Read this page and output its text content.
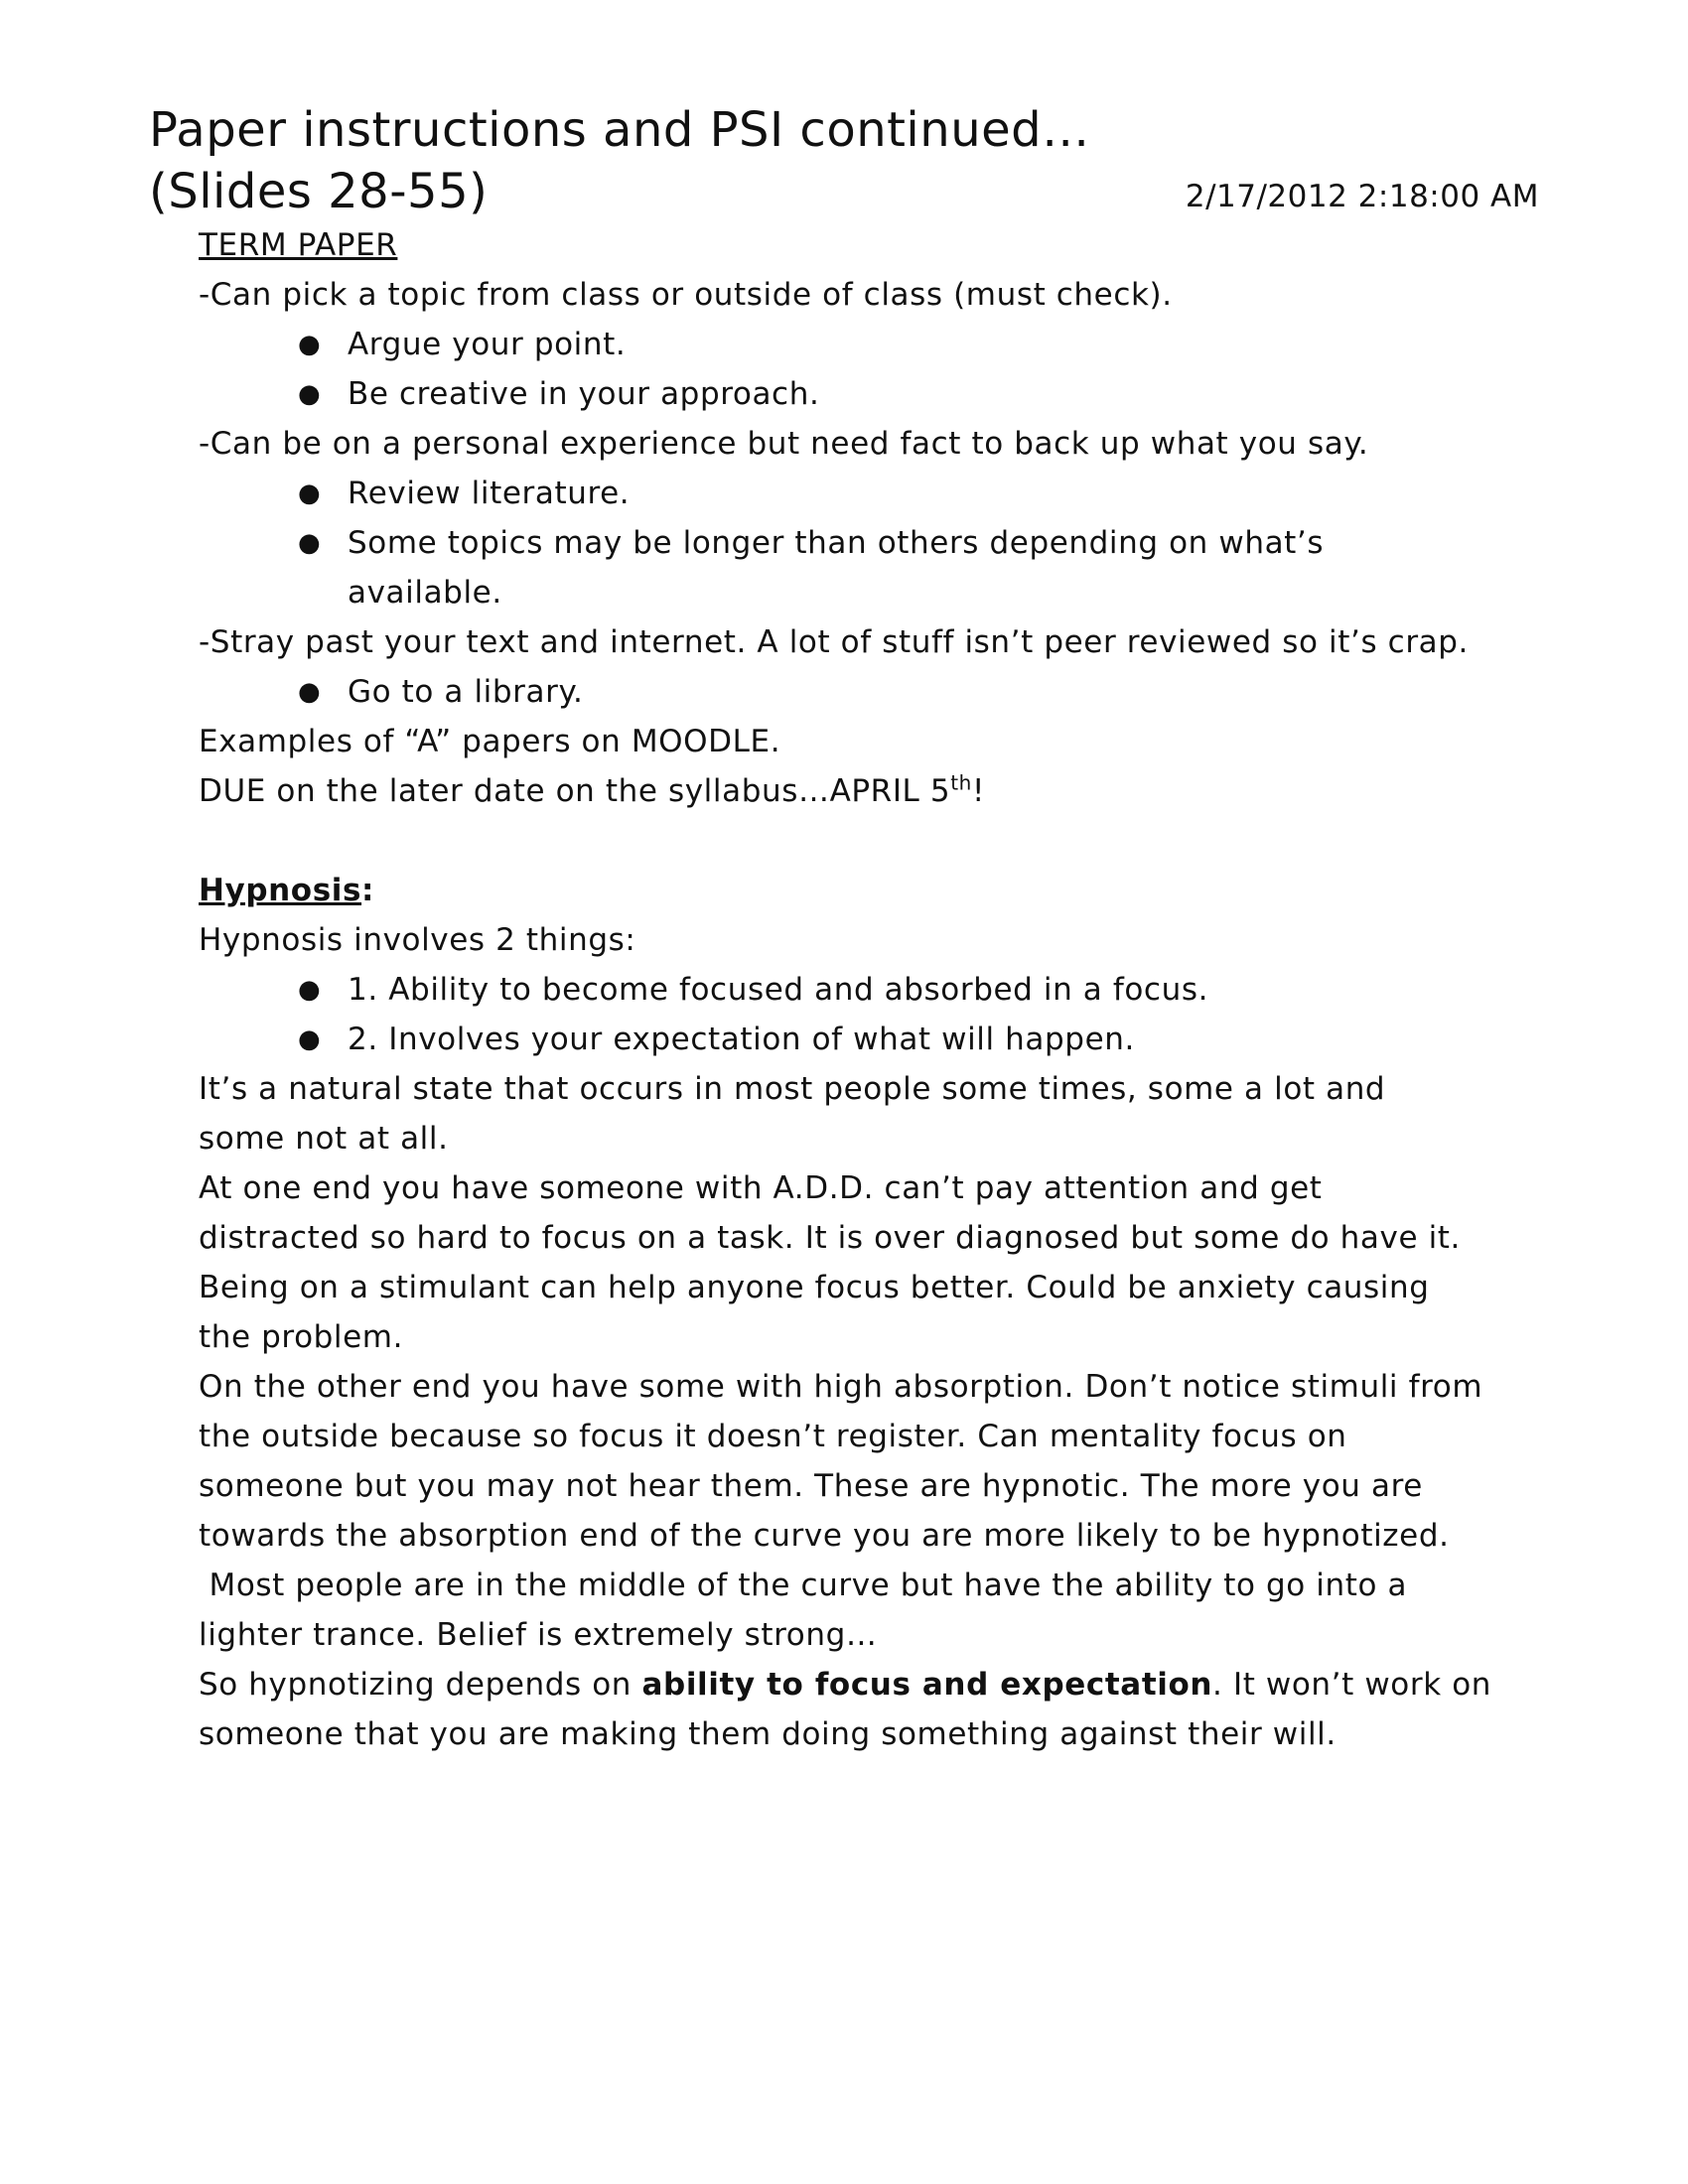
Paper instructions and PSI continued…
(Slides 28-55)	2/17/2012 2:18:00 AM

TERM PAPER

-Can pick a topic from class or outside of class (must check).

● Argue your point.
● Be creative in your approach.

-Can be on a personal experience but need fact to back up what you say.

● Review literature.
● Some topics may be longer than others depending on what’s available.

-Stray past your text and internet. A lot of stuff isn’t peer reviewed so it’s crap.

● Go to a library.

Examples of “A” papers on MOODLE.

DUE on the later date on the syllabus…APRIL 5th!

Hypnosis:

Hypnosis involves 2 things:

● 1. Ability to become focused and absorbed in a focus.
● 2. Involves your expectation of what will happen.

It’s a natural state that occurs in most people some times, some a lot and some not at all.

At one end you have someone with A.D.D. can’t pay attention and get distracted so hard to focus on a task. It is over diagnosed but some do have it. Being on a stimulant can help anyone focus better. Could be anxiety causing the problem.

On the other end you have some with high absorption. Don’t notice stimuli from the outside because so focus it doesn’t register. Can mentality focus on someone but you may not hear them. These are hypnotic. The more you are towards the absorption end of the curve you are more likely to be hypnotized.

Most people are in the middle of the curve but have the ability to go into a lighter trance. Belief is extremely strong…

So hypnotizing depends on ability to focus and expectation. It won’t work on someone that you are making them doing something against their will.
